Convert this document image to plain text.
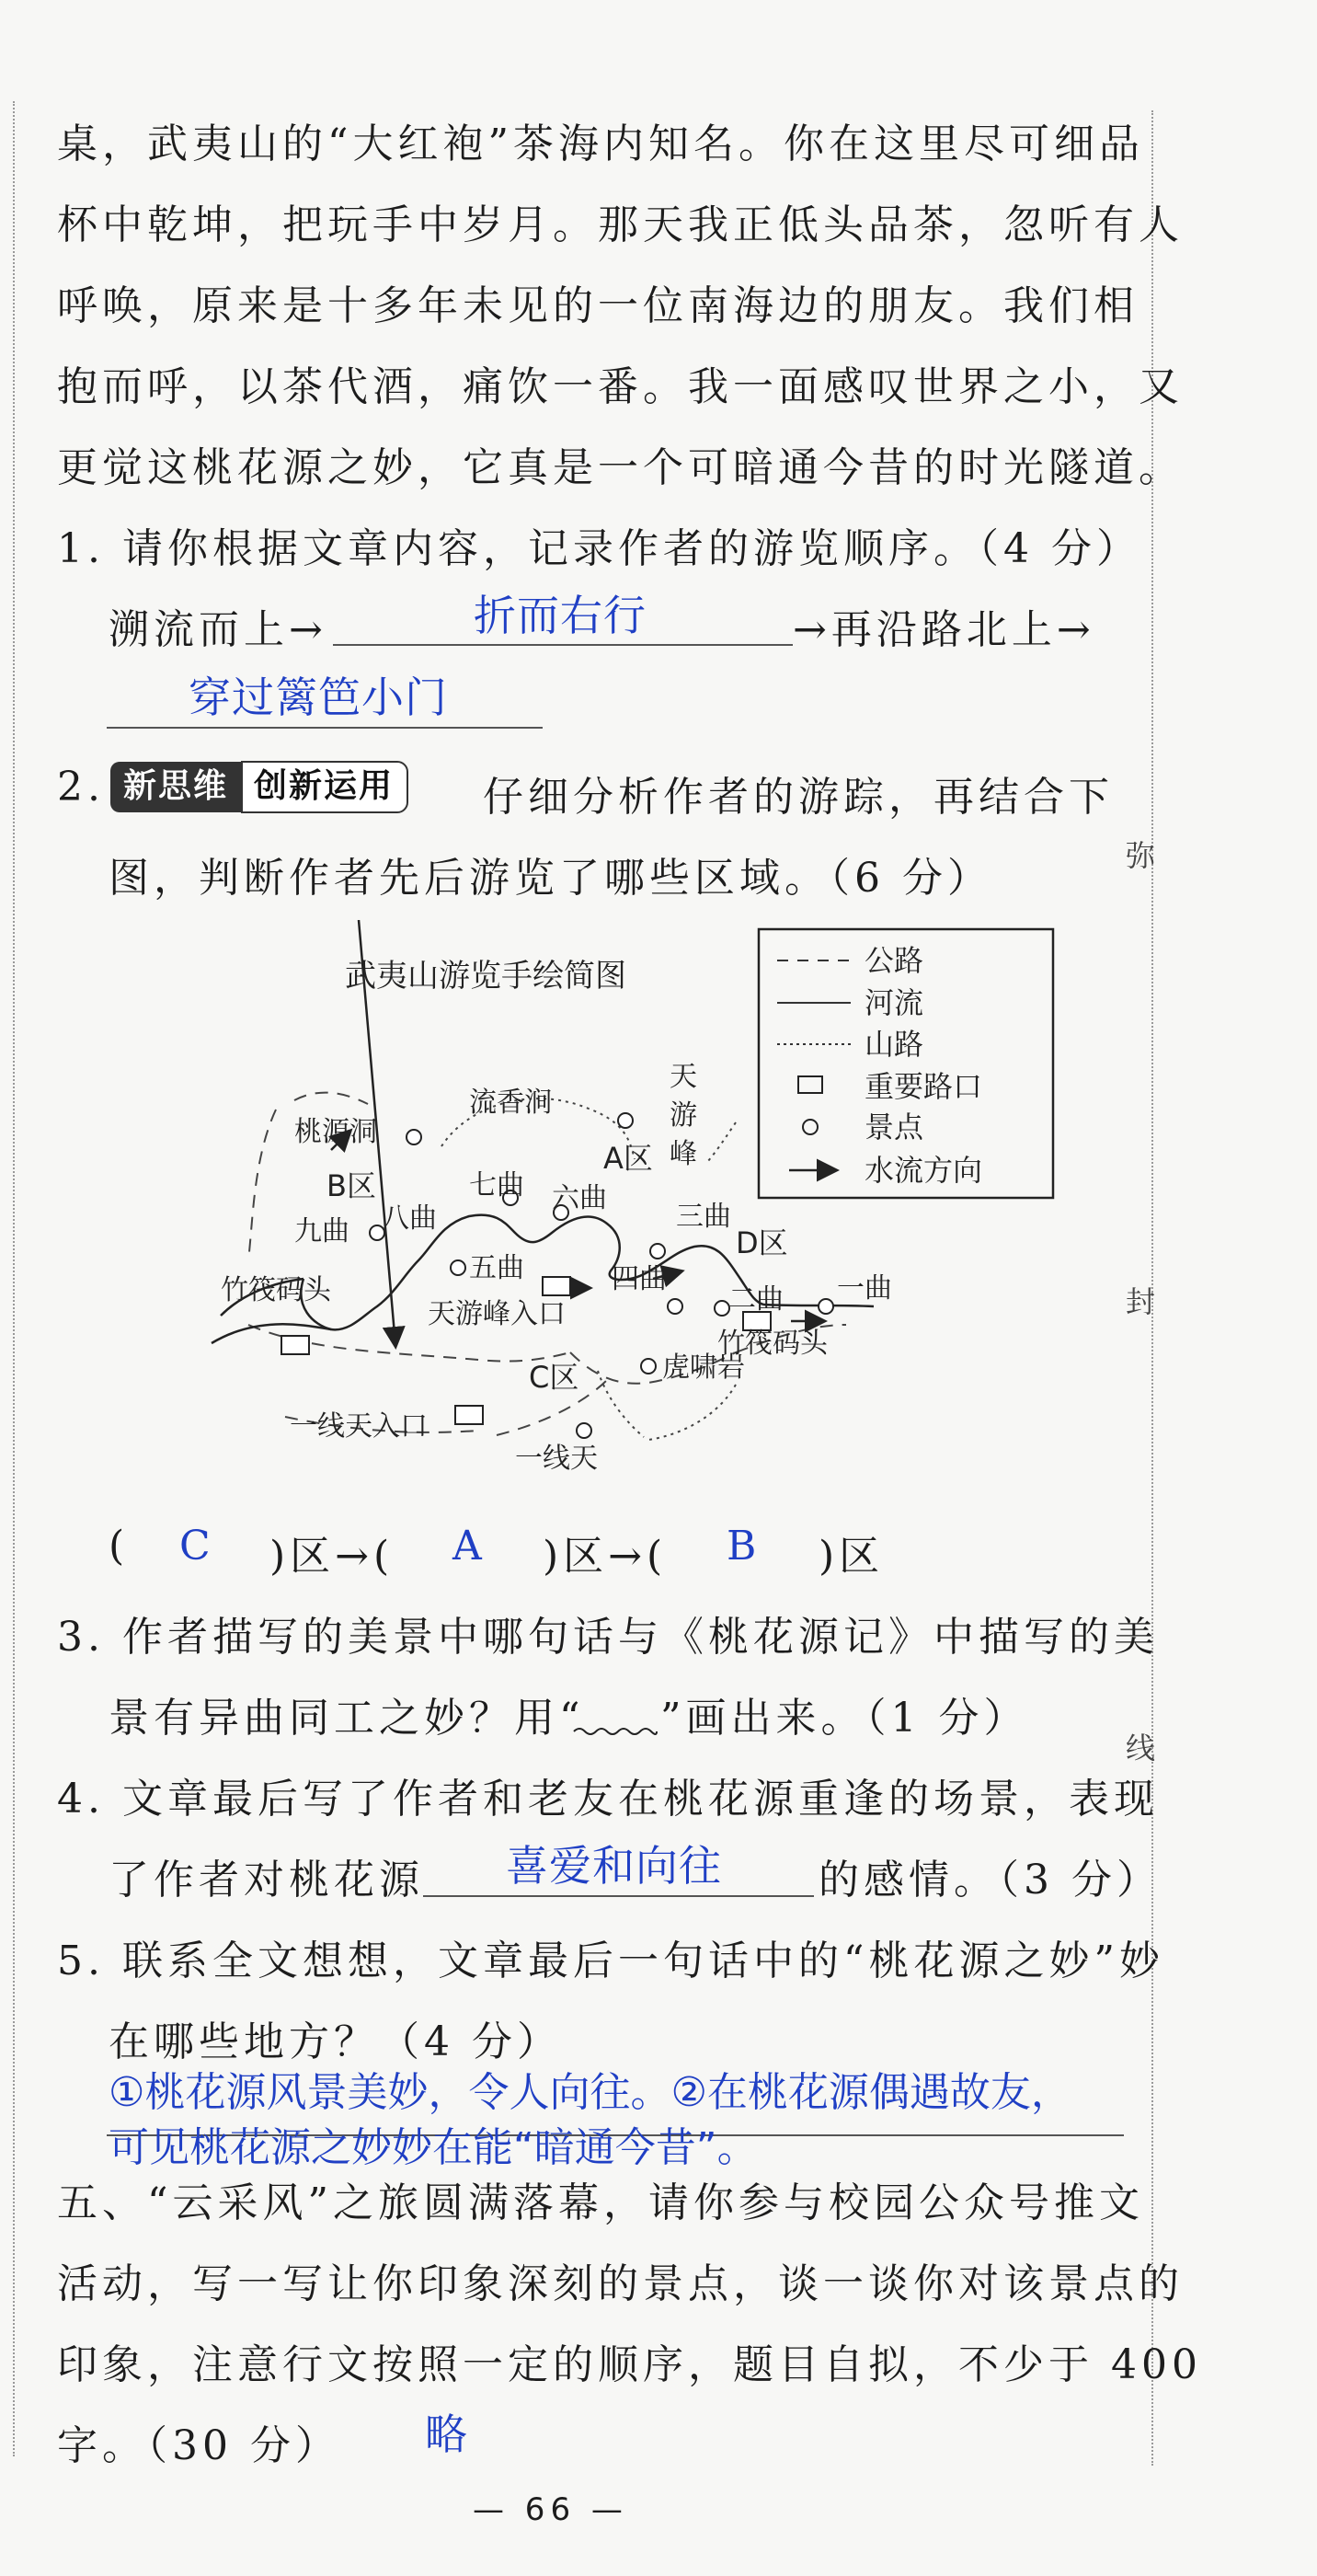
弥
封
线
桌，武夷山的“大红袍”茶海内知名。你在这里尽可细品
杯中乾坤，把玩手中岁月。那天我正低头品茶，忽听有人
呼唤，原来是十多年未见的一位南海边的朋友。我们相
抱而呼，以茶代酒，痛饮一番。我一面感叹世界之小，又
更觉这桃花源之妙，它真是一个可暗通今昔的时光隧道。
1. 请你根据文章内容，记录作者的游览顺序。（4 分）
溯流而上→	折而右行	→再沿路北上→
穿过篱笆小门
2. 新思维 创新运用	仔细分析作者的游踪，再结合下
图，判断作者先后游览了哪些区域。（6 分）
武夷山游览手绘简图	公路
河流
山路
重要路口
景点
水流方向
桃源洞
流香涧
天
游
峰
A区
B区	七曲 六曲
八曲
九曲
五曲
三曲
D区
四曲
二曲 一曲
竹筏码头
天游峰入口
竹筏码头
C区	虎啸岩
一线天入口
一线天
( C )区→( A )区→( B )区
3. 作者描写的美景中哪句话与《桃花源记》中描写的美
景有异曲同工之妙？用“ ”画出来。（1 分）
4. 文章最后写了作者和老友在桃花源重逢的场景，表现
了作者对桃花源 喜爱和向往 的感情。（3 分）
5. 联系全文想想，文章最后一句话中的“桃花源之妙”妙
在哪些地方？（4 分）
①桃花源风景美妙，令人向往。②在桃花源偶遇故友，
可见桃花源之妙妙在能“暗通今昔”。
五、“云采风”之旅圆满落幕，请你参与校园公众号推文
活动，写一写让你印象深刻的景点，谈一谈你对该景点的
印象，注意行文按照一定的顺序，题目自拟，不少于 400
字。（30 分） 略
— 66 —
